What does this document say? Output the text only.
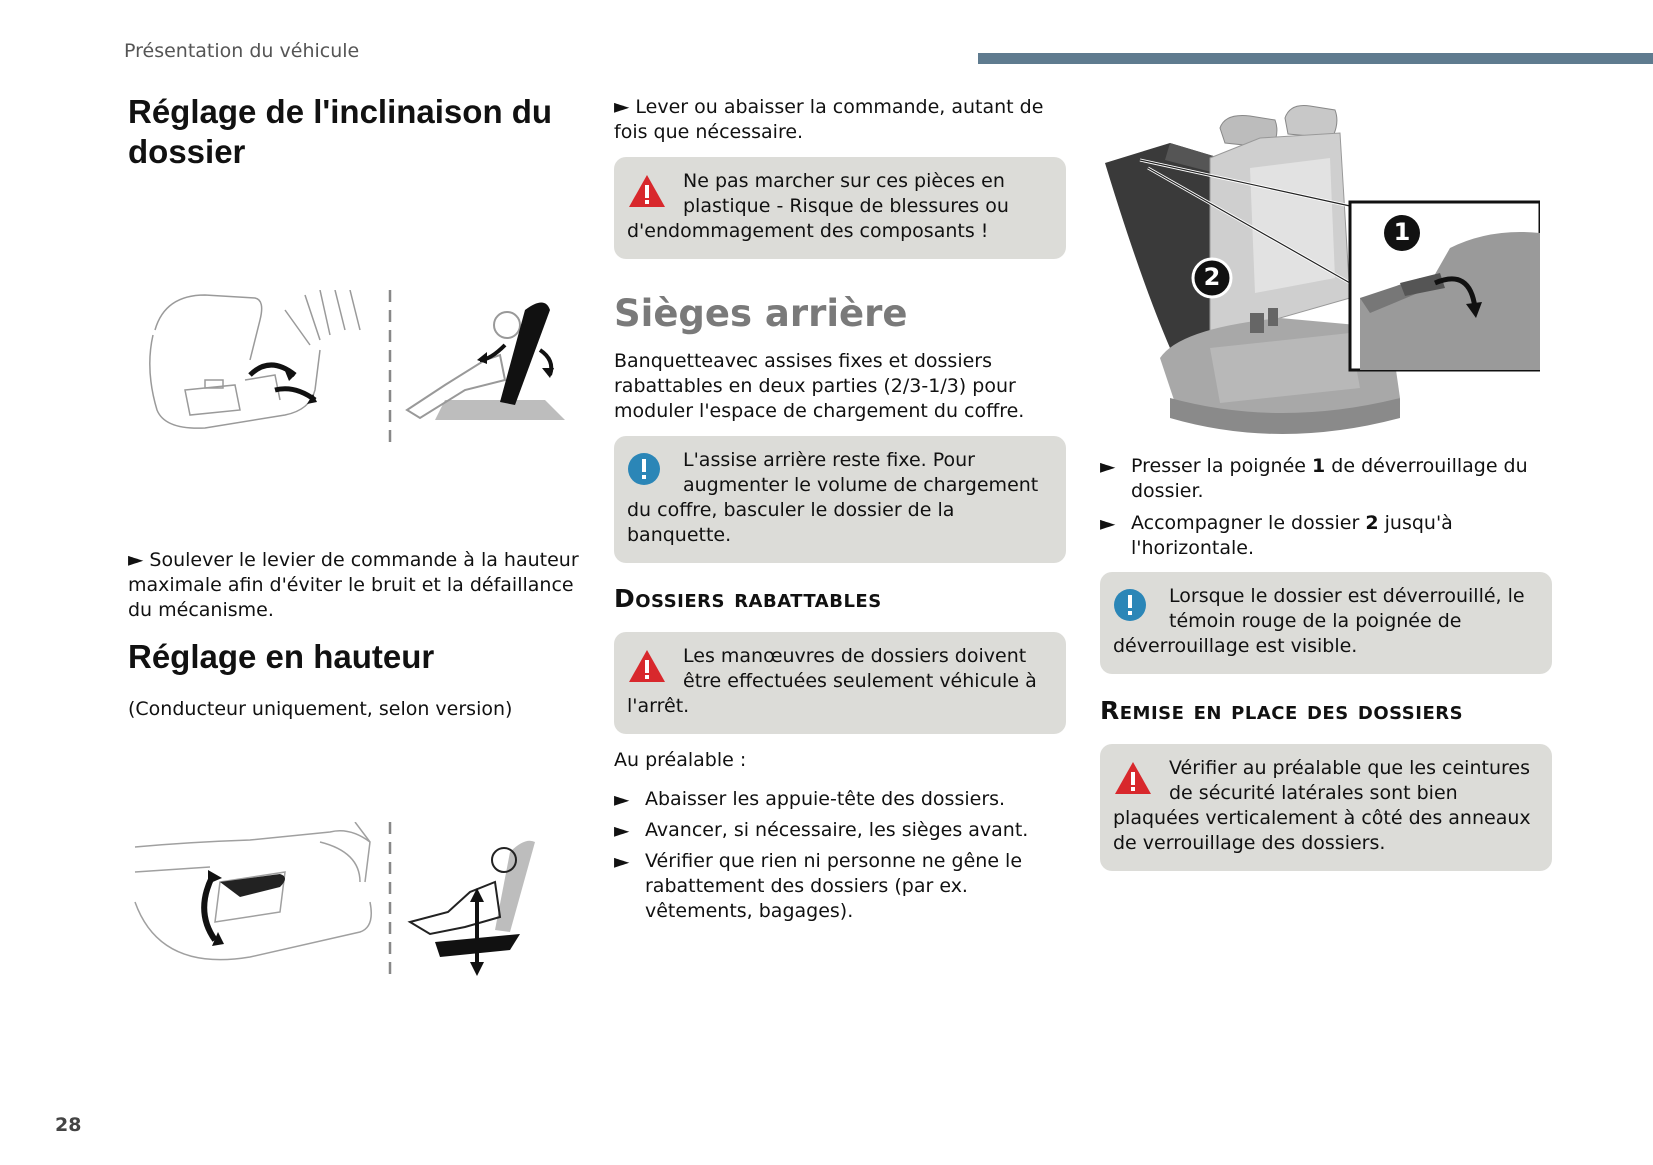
Présentation du véhicule
28
Réglage de l'inclinaison du dossier
► Soulever le levier de commande à la hauteur maximale afin d'éviter le bruit et la défaillance du mécanisme.
Réglage en hauteur
(Conducteur uniquement, selon version)
► Lever ou abaisser la commande, autant de fois que nécessaire.
Ne pas marcher sur ces pièces en plastique - Risque de blessures ou d'endommagement des composants !
Sièges arrière
Banquetteavec assises fixes et dossiers rabattables en deux parties (2/3-1/3) pour moduler l'espace de chargement du coffre.
L'assise arrière reste fixe. Pour augmenter le volume de chargement du coffre, basculer le dossier de la banquette.
Dossiers rabattables
Les manœuvres de dossiers doivent être effectuées seulement véhicule à l'arrêt.
Au préalable :
► Abaisser les appuie-tête des dossiers.
► Avancer, si nécessaire, les sièges avant.
► Vérifier que rien ni personne ne gêne le rabattement des dossiers (par ex. vêtements, bagages).
1
2
► Presser la poignée 1 de déverrouillage du dossier.
► Accompagner le dossier 2 jusqu'à l'horizontale.
Lorsque le dossier est déverrouillé, le témoin rouge de la poignée de déverrouillage est visible.
Remise en place des dossiers
Vérifier au préalable que les ceintures de sécurité latérales sont bien plaquées verticalement à côté des anneaux de verrouillage des dossiers.
